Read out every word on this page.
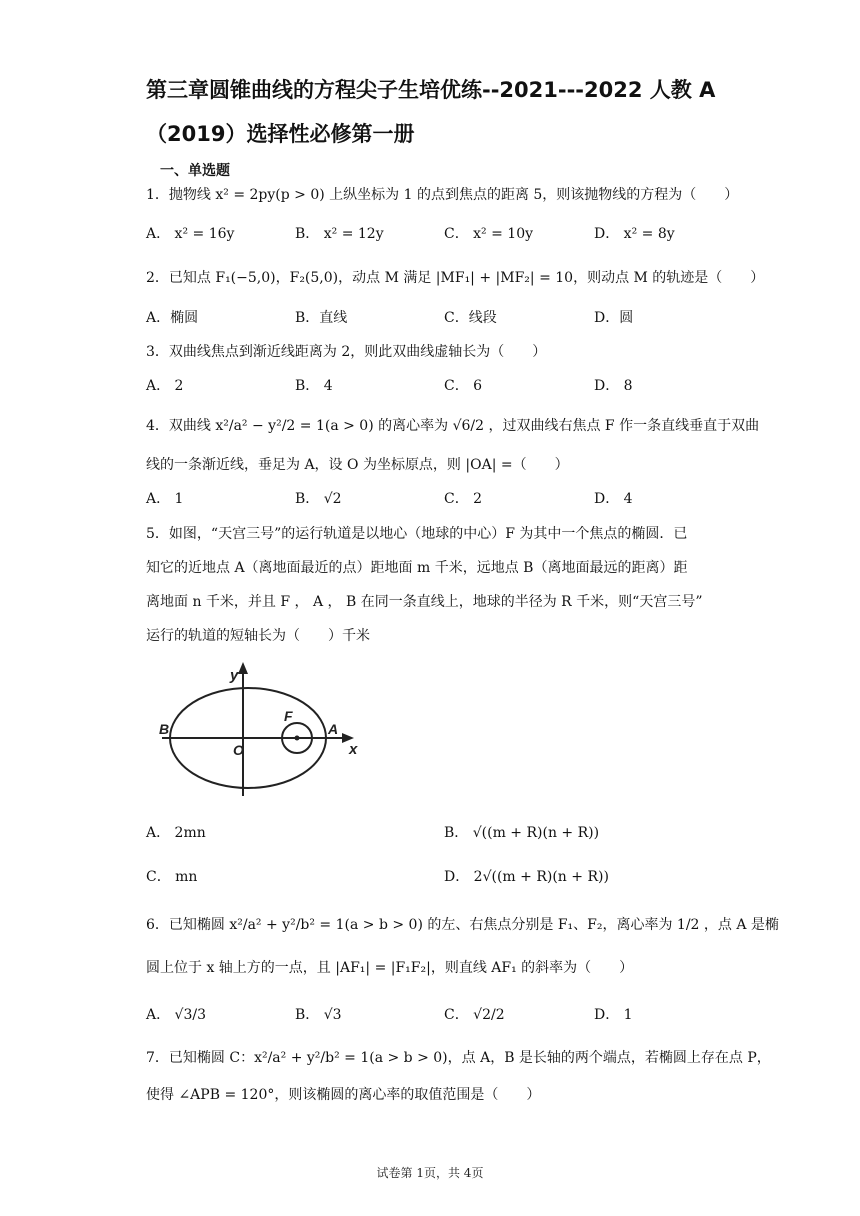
第三章圆锥曲线的方程尖子生培优练--2021---2022 人教 A
（2019）选择性必修第一册
一、单选题
1．抛物线 x² = 2py(p > 0) 上纵坐标为 1 的点到焦点的距离 5，则该抛物线的方程为（　　）
A． x² = 16y	B． x² = 12y	C． x² = 10y	D． x² = 8y
2．已知点 F₁(−5,0)，F₂(5,0)，动点 M 满足 |MF₁| + |MF₂| = 10，则动点 M 的轨迹是（　　）
A．椭圆	B．直线	C．线段	D．圆
3．双曲线焦点到渐近线距离为 2，则此双曲线虚轴长为（　　）
A． 2	B． 4	C． 6	D． 8
4．双曲线 x²/a² − y²/2 = 1(a > 0) 的离心率为 √6/2 ，过双曲线右焦点 F 作一条直线垂直于双曲
线的一条渐近线，垂足为 A，设 O 为坐标原点，则 |OA| =（　　）
A． 1	B． √2	C． 2	D． 4
5．如图，“天宫三号”的运行轨道是以地心（地球的中心）F 为其中一个焦点的椭圆．已
知它的近地点 A（离地面最近的点）距地面 m 千米，远地点 B（离地面最远的距离）距
离地面 n 千米，并且 F ， A ， B 在同一条直线上，地球的半径为 R 千米，则“天宫三号”
运行的轨道的短轴长为（　　）千米
y
x
B
O
F
A
A． 2mn	B． √((m + R)(n + R))
C． mn	D． 2√((m + R)(n + R))
6．已知椭圆 x²/a² + y²/b² = 1(a > b > 0) 的左、右焦点分别是 F₁、F₂，离心率为 1/2 ，点 A 是椭
圆上位于 x 轴上方的一点，且 |AF₁| = |F₁F₂|，则直线 AF₁ 的斜率为（　　）
A． √3/3	B． √3	C． √2/2	D． 1
7．已知椭圆 C：x²/a² + y²/b² = 1(a > b > 0)，点 A，B 是长轴的两个端点，若椭圆上存在点 P，
使得 ∠APB = 120°，则该椭圆的离心率的取值范围是（　　）
试卷第 1页，共 4页
